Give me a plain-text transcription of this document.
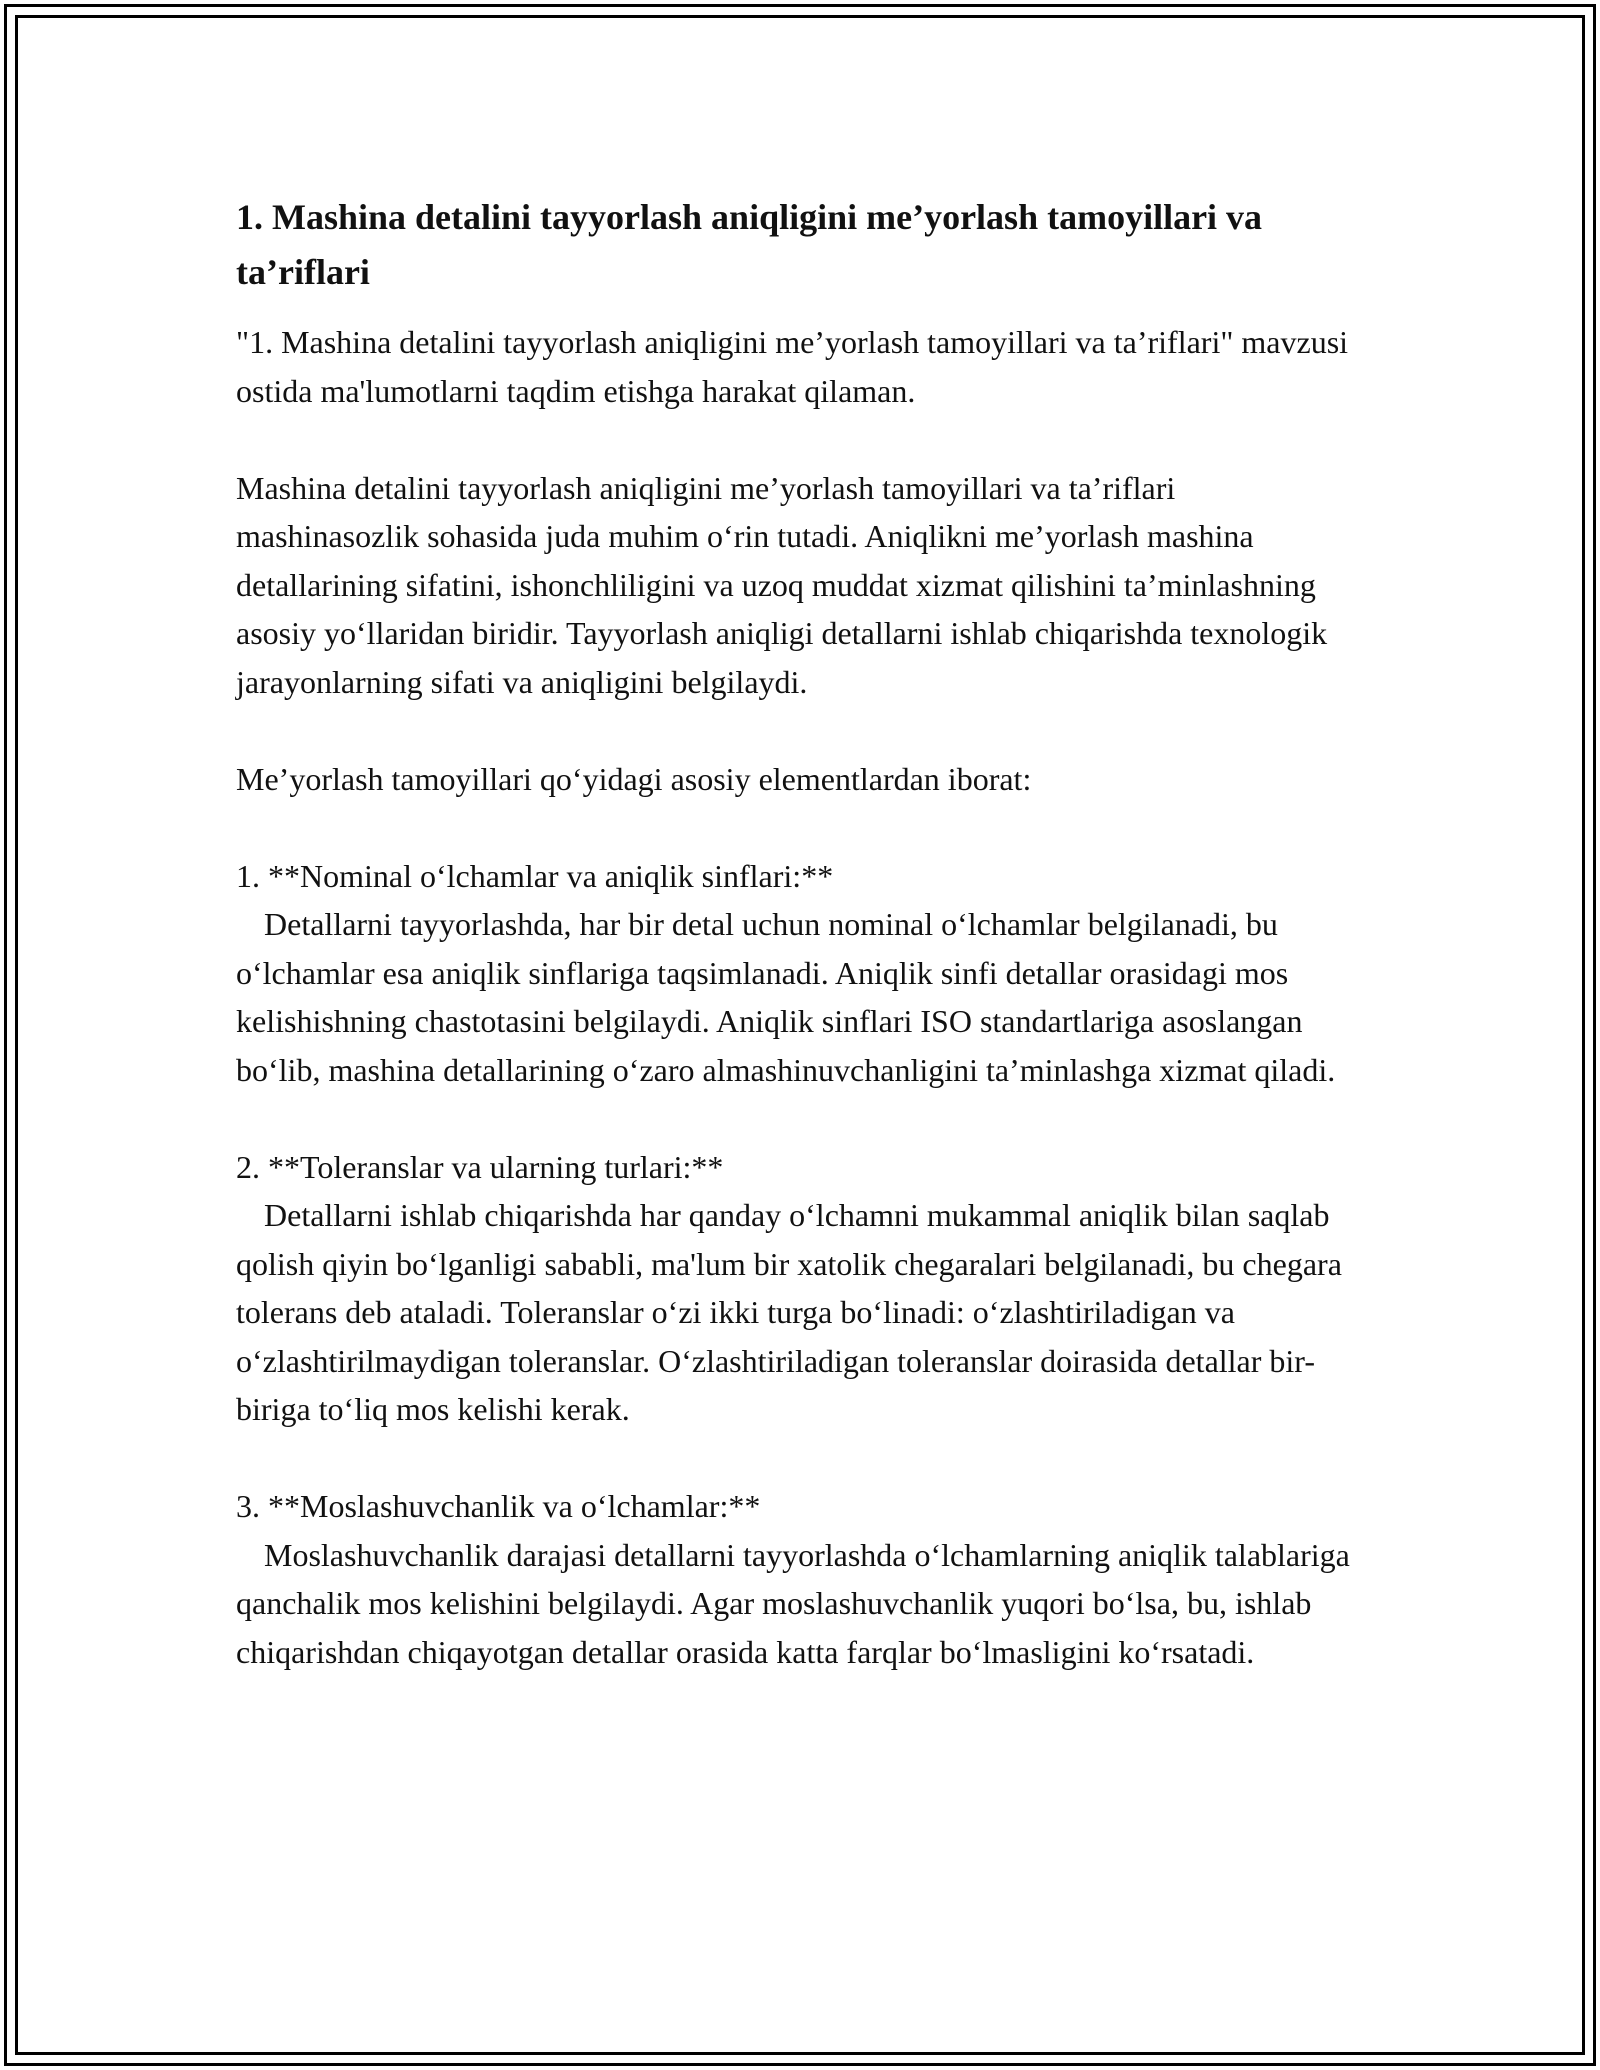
1. Mashina detalini tayyorlash aniqligini me’yorlash tamoyillari va ta’riflari

"1. Mashina detalini tayyorlash aniqligini me’yorlash tamoyillari va ta’riflari" mavzusi ostida ma'lumotlarni taqdim etishga harakat qilaman.

Mashina detalini tayyorlash aniqligini me’yorlash tamoyillari va ta’riflari mashinasozlik sohasida juda muhim o‘rin tutadi. Aniqlikni me’yorlash mashina detallarining sifatini, ishonchliligini va uzoq muddat xizmat qilishini ta’minlashning asosiy yo‘llaridan biridir. Tayyorlash aniqligi detallarni ishlab chiqarishda texnologik jarayonlarning sifati va aniqligini belgilaydi.

Me’yorlash tamoyillari qo‘yidagi asosiy elementlardan iborat:

1. **Nominal o‘lchamlar va aniqlik sinflari:**

Detallarni tayyorlashda, har bir detal uchun nominal o‘lchamlar belgilanadi, bu o‘lchamlar esa aniqlik sinflariga taqsimlanadi. Aniqlik sinfi detallar orasidagi mos kelishishning chastotasini belgilaydi. Aniqlik sinflari ISO standartlariga asoslangan bo‘lib, mashina detallarining o‘zaro almashinuvchanligini ta’minlashga xizmat qiladi.

2. **Toleranslar va ularning turlari:**

Detallarni ishlab chiqarishda har qanday o‘lchamni mukammal aniqlik bilan saqlab qolish qiyin bo‘lganligi sababli, ma'lum bir xatolik chegaralari belgilanadi, bu chegara tolerans deb ataladi. Toleranslar o‘zi ikki turga bo‘linadi: o‘zlashtiriladigan va o‘zlashtirilmaydigan toleranslar. O‘zlashtiriladigan toleranslar doirasida detallar bir-biriga to‘liq mos kelishi kerak.

3. **Moslashuvchanlik va o‘lchamlar:**

Moslashuvchanlik darajasi detallarni tayyorlashda o‘lchamlarning aniqlik talablariga qanchalik mos kelishini belgilaydi. Agar moslashuvchanlik yuqori bo‘lsa, bu, ishlab chiqarishdan chiqayotgan detallar orasida katta farqlar bo‘lmasligini ko‘rsatadi.
